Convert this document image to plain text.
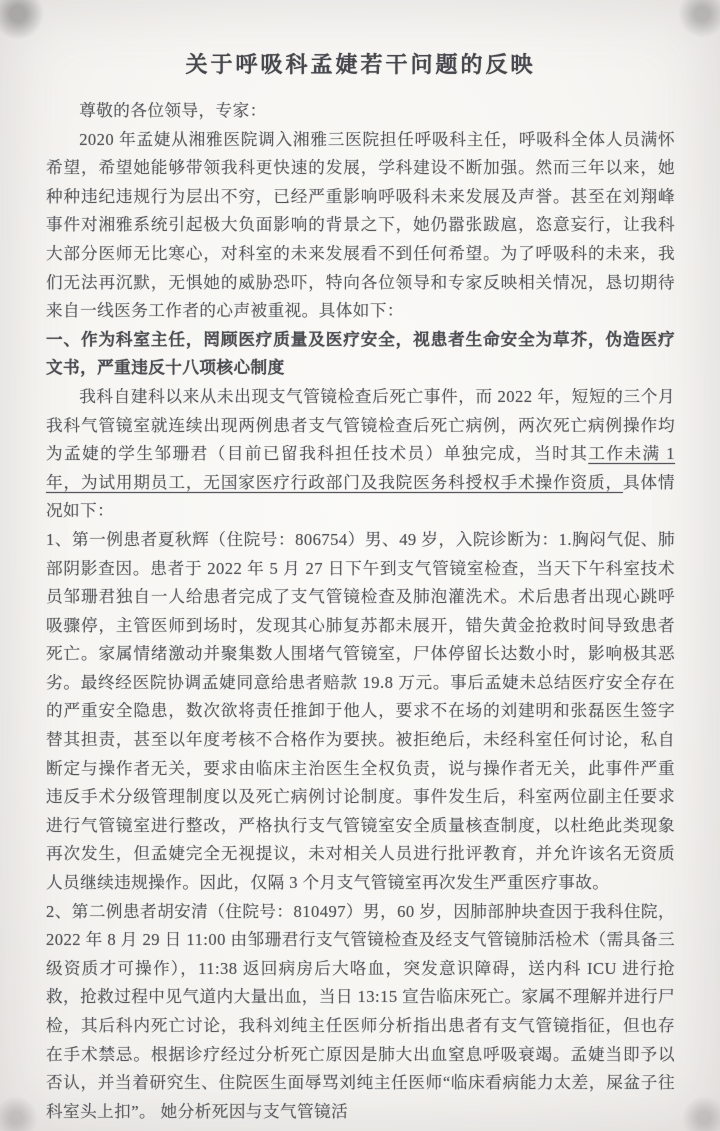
关于呼吸科孟婕若干问题的反映

尊敬的各位领导，专家：

2020 年孟婕从湘雅医院调入湘雅三医院担任呼吸科主任，呼吸科全体人员满怀希望，希望她能够带领我科更快速的发展，学科建设不断加强。然而三年以来，她种种违纪违规行为层出不穷，已经严重影响呼吸科未来发展及声誉。甚至在刘翔峰事件对湘雅系统引起极大负面影响的背景之下，她仍嚣张跋扈，恣意妄行，让我科大部分医师无比寒心，对科室的未来发展看不到任何希望。为了呼吸科的未来，我们无法再沉默，无惧她的威胁恐吓，特向各位领导和专家反映相关情况，恳切期待来自一线医务工作者的心声被重视。具体如下：

一、作为科室主任，罔顾医疗质量及医疗安全，视患者生命安全为草芥，伪造医疗文书，严重违反十八项核心制度

我科自建科以来从未出现支气管镜检查后死亡事件，而 2022 年，短短的三个月我科气管镜室就连续出现两例患者支气管镜检查后死亡病例，两次死亡病例操作均为孟婕的学生邹珊君（目前已留我科担任技术员）单独完成，当时其工作未满 1 年，为试用期员工，无国家医疗行政部门及我院医务科授权手术操作资质，具体情况如下：

1、第一例患者夏秋辉（住院号：806754）男、49 岁，入院诊断为：1.胸闷气促、肺部阴影查因。患者于 2022 年 5 月 27 日下午到支气管镜室检查，当天下午科室技术员邹珊君独自一人给患者完成了支气管镜检查及肺泡灌洗术。术后患者出现心跳呼吸骤停，主管医师到场时，发现其心肺复苏都未展开，错失黄金抢救时间导致患者死亡。家属情绪激动并聚集数人围堵气管镜室，尸体停留长达数小时，影响极其恶劣。最终经医院协调孟婕同意给患者赔款 19.8 万元。事后孟婕未总结医疗安全存在的严重安全隐患，数次欲将责任推卸于他人，要求不在场的刘建明和张磊医生签字替其担责，甚至以年度考核不合格作为要挟。被拒绝后，未经科室任何讨论，私自断定与操作者无关，要求由临床主治医生全权负责，说与操作者无关，此事件严重违反手术分级管理制度以及死亡病例讨论制度。事件发生后，科室两位副主任要求进行气管镜室进行整改，严格执行支气管镜室安全质量核查制度，以杜绝此类现象再次发生，但孟婕完全无视提议，未对相关人员进行批评教育，并允许该名无资质人员继续违规操作。因此，仅隔 3 个月支气管镜室再次发生严重医疗事故。

2、第二例患者胡安清（住院号：810497）男，60 岁，因肺部肿块查因于我科住院，2022 年 8 月 29 日 11:00 由邹珊君行支气管镜检查及经支气管镜肺活检术（需具备三级资质才可操作），11:38 返回病房后大咯血，突发意识障碍，送内科 ICU 进行抢救，抢救过程中见气道内大量出血，当日 13:15 宣告临床死亡。家属不理解并进行尸检，其后科内死亡讨论，我科刘纯主任医师分析指出患者有支气管镜指征，但也存在手术禁忌。根据诊疗经过分析死亡原因是肺大出血窒息呼吸衰竭。孟婕当即予以否认，并当着研究生、住院医生面辱骂刘纯主任医师“临床看病能力太差，屎盆子往科室头上扣”。 她分析死因与支气管镜活
